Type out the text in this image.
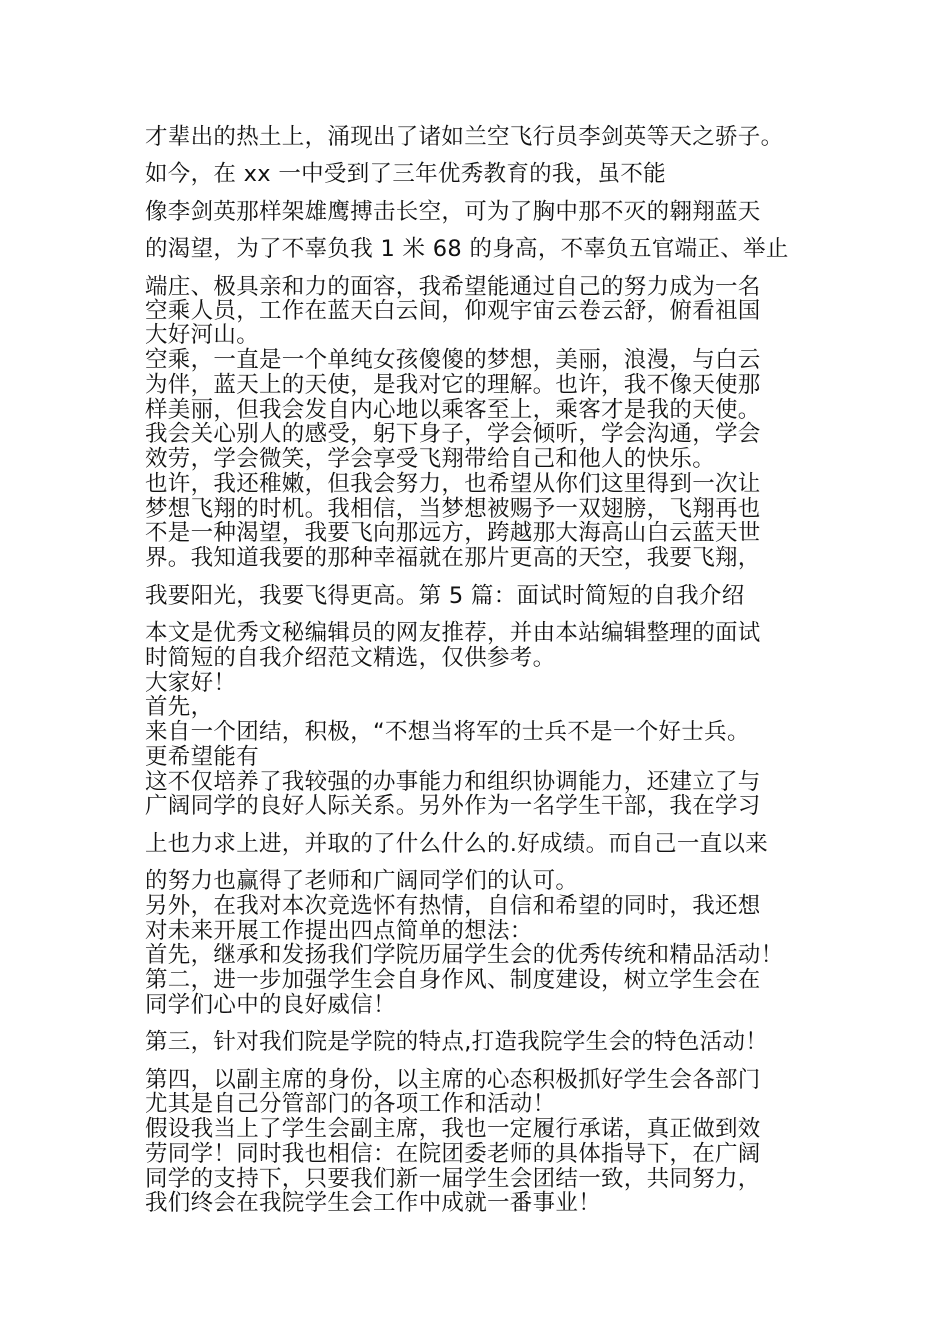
才辈出的热土上，涌现出了诸如兰空飞行员李剑英等天之骄子。
如今，在 xx 一中受到了三年优秀教育的我，虽不能
像李剑英那样架雄鹰搏击长空，可为了胸中那不灭的翱翔蓝天
的渴望，为了不辜负我 1 米 68 的身高，不辜负五官端正、举止
端庄、极具亲和力的面容，我希望能通过自己的努力成为一名
空乘人员，工作在蓝天白云间，仰观宇宙云卷云舒，俯看祖国
大好河山。
空乘，一直是一个单纯女孩傻傻的梦想，美丽，浪漫，与白云
为伴，蓝天上的天使，是我对它的理解。也许，我不像天使那
样美丽，但我会发自内心地以乘客至上，乘客才是我的天使。
我会关心别人的感受，躬下身子，学会倾听，学会沟通，学会
效劳，学会微笑，学会享受飞翔带给自己和他人的快乐。
也许，我还稚嫩，但我会努力，也希望从你们这里得到一次让
梦想飞翔的时机。我相信，当梦想被赐予一双翅膀，飞翔再也
不是一种渴望，我要飞向那远方，跨越那大海高山白云蓝天世
界。我知道我要的那种幸福就在那片更高的天空，我要飞翔，
我要阳光，我要飞得更高。第 5 篇：面试时简短的自我介绍
本文是优秀文秘编辑员的网友推荐，并由本站编辑整理的面试
时简短的自我介绍范文精选，仅供参考。
大家好！
首先，
来自一个团结，积极，“不想当将军的士兵不是一个好士兵。
更希望能有
这不仅培养了我较强的办事能力和组织协调能力，还建立了与
广阔同学的良好人际关系。另外作为一名学生干部，我在学习
上也力求上进，并取的了什么什么的.好成绩。而自己一直以来
的努力也赢得了老师和广阔同学们的认可。
另外，在我对本次竞选怀有热情，自信和希望的同时，我还想
对未来开展工作提出四点简单的想法：
首先，继承和发扬我们学院历届学生会的优秀传统和精品活动！
第二，进一步加强学生会自身作风、制度建设，树立学生会在
同学们心中的良好威信！
第三，针对我们院是学院的特点,打造我院学生会的特色活动！
第四，以副主席的身份，以主席的心态积极抓好学生会各部门
尤其是自己分管部门的各项工作和活动！
假设我当上了学生会副主席，我也一定履行承诺，真正做到效
劳同学！同时我也相信：在院团委老师的具体指导下，在广阔
同学的支持下，只要我们新一届学生会团结一致，共同努力，
我们终会在我院学生会工作中成就一番事业！
